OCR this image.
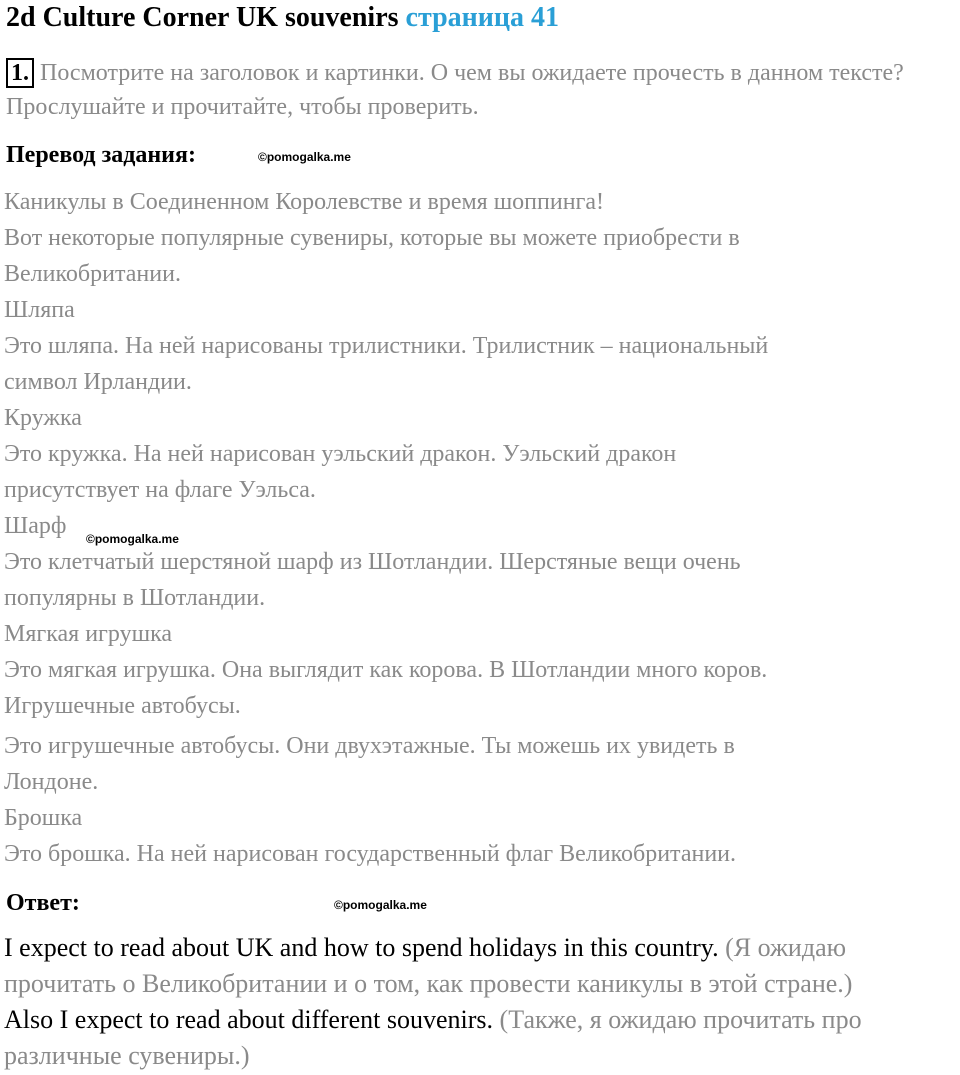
2d Culture Corner UK souvenirs страница 41
1. Посмотрите на заголовок и картинки. О чем вы ожидаете прочесть в данном тексте? Прослушайте и прочитайте, чтобы проверить.
Перевод задания:	©pomogalka.me
Каникулы в Соединенном Королевстве и время шоппинга!
Вот некоторые популярные сувениры, которые вы можете приобрести в
Великобритании.
Шляпа
Это шляпа. На ней нарисованы трилистники. Трилистник – национальный
символ Ирландии.
Кружка
Это кружка. На ней нарисован уэльский дракон. Уэльский дракон
присутствует на флаге Уэльса.
Шарф	©pomogalka.me
Это клетчатый шерстяной шарф из Шотландии. Шерстяные вещи очень
популярны в Шотландии.
Мягкая игрушка
Это мягкая игрушка. Она выглядит как корова. В Шотландии много коров.
Игрушечные автобусы.
Это игрушечные автобусы. Они двухэтажные. Ты можешь их увидеть в
Лондоне.
Брошка
Это брошка. На ней нарисован государственный флаг Великобритании.
Ответ:	©pomogalka.me
I expect to read about UK and how to spend holidays in this country. (Я ожидаю прочитать о Великобритании и о том, как провести каникулы в этой стране.)
Also I expect to read about different souvenirs. (Также, я ожидаю прочитать про различные сувениры.)
